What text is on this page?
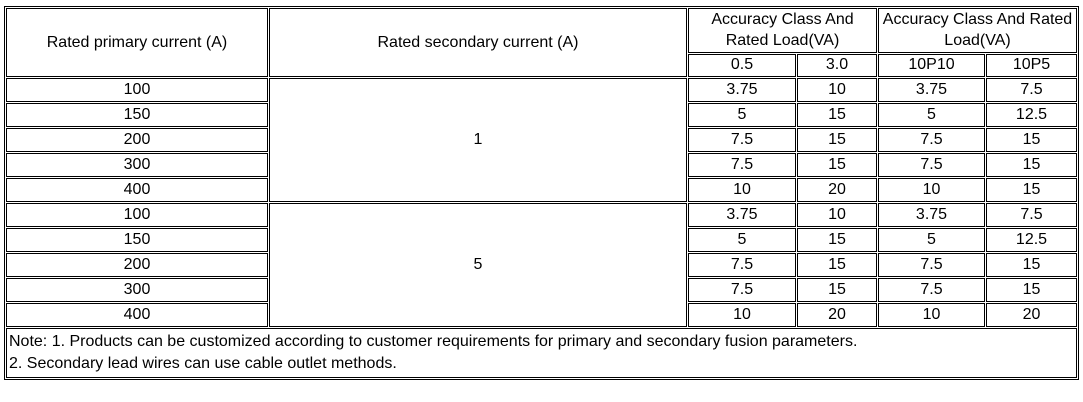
Rated primary current (A)	Rated secondary current (A)	Accuracy Class And Rated Load(VA)		Accuracy Class And Rated Load(VA)	
		0.5	3.0	10P10	10P5
100	1	3.75	10	3.75	7.5
150		5	15	5	12.5
200		7.5	15	7.5	15
300		7.5	15	7.5	15
400		10	20	10	15
100	5	3.75	10	3.75	7.5
150		5	15	5	12.5
200		7.5	15	7.5	15
300		7.5	15	7.5	15
400		10	20	10	20

Note: 1. Products can be customized according to customer requirements for primary and secondary fusion parameters.
2. Secondary lead wires can use cable outlet methods.					
